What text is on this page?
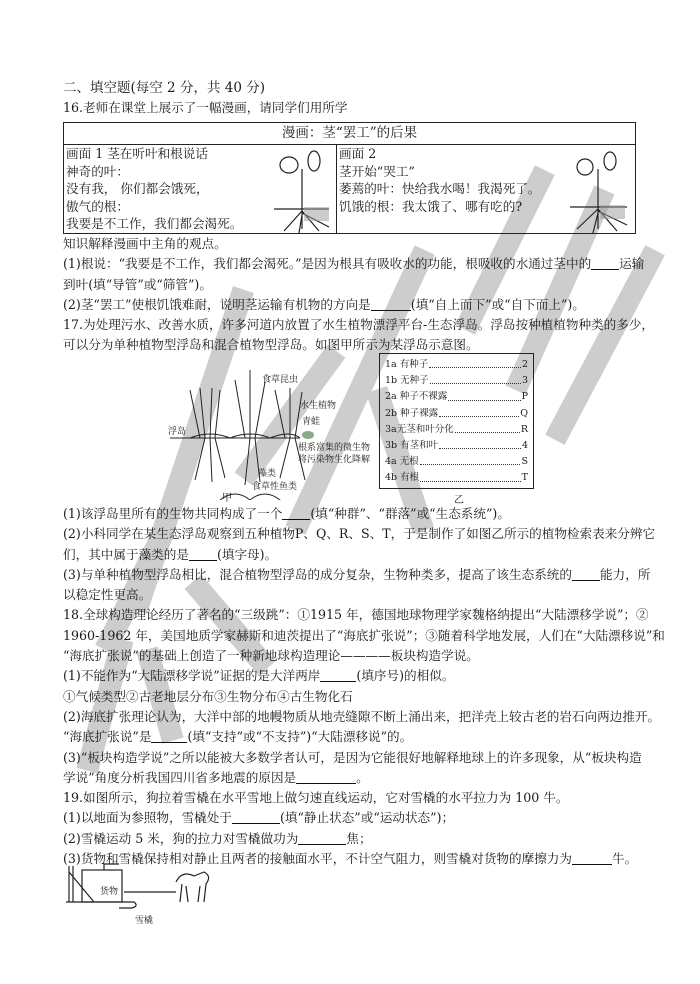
二、填空题(每空 2 分，共 40 分)
16.老师在课堂上展示了一幅漫画，请同学们用所学
漫画：茎“罢工”的后果

画面 1 茎在听叶和根说话
神奇的叶：
没有我， 你们都会饿死，
傲气的根：
我要是不工作，我们都会渴死。

画面 2
茎开始“哭工”
萎蔫的叶：快给我水喝！我渴死了。
饥饿的根：我太饿了、哪有吃的?
知识解释漫画中主角的观点。
(1)根说：“我要是不工作，我们都会渴死。”是因为根具有吸收水的功能，根吸收的水通过茎中的 运输
到叶(填“导管”或“筛管”)。
(2)茎“罢工”使根饥饿难耐，说明茎运输有机物的方向是	(填“自上而下”或“自下而上”)。
17.为处理污水、改善水质，许多河道内放置了水生植物漂浮平台-生态浮岛。浮岛按种植植物种类的多少，
可以分为单种植物型浮岛和混合植物型浮岛。如图甲所示为某浮岛示意图。
浮岛
食草昆虫
水生植物
青蛙
根系富集的微生物
将污染物生化降解
藻类
食草性鱼类
甲
1a 有种子	2
1b 无种子	3
2a 种子不裸露	P
2b 种子裸露	Q
3a无茎和叶分化	R
3b 有茎和叶	4
4a 无根	S
4b 有根	T
乙
(1)该浮岛里所有的生物共同构成了一个 (填“种群”、“群落”或“生态系统”)。
(2)小科同学在某生态浮岛观察到五种植物P、Q、R、S、T，于是制作了如图乙所示的植物检索表来分辨它
们，其中属于藻类的是 (填字母)。
(3)与单种植物型浮岛相比，混合植物型浮岛的成分复杂，生物种类多，提高了该生态系统的 能力，所
以稳定性更高。
18.全球构造理论经历了著名的“三级跳”：①1915 年，德国地球物理学家魏格纳提出“大陆漂移学说”；②
1960-1962 年，美国地质学家赫斯和迪茨提出了“海底扩张说”；③随着科学地发展，人们在“大陆漂移说”和
“海底扩张说”的基础上创造了一种新地球构造理论————板块构造学说。
(1)不能作为“大陆漂移学说”证据的是大洋两岸	(填序号)的相似。
①气候类型②古老地层分布③生物分布④古生物化石
(2)海底扩张理论认为，大洋中部的地幔物质从地壳缝隙不断上涌出来，把洋壳上较古老的岩石向两边推开。
“海底扩张说”是	(填“支持”或“不支持”)“大陆漂移说”的。
(3)“板块构造学说”之所以能被大多数学者认可，是因为它能很好地解释地球上的许多现象，从“板块构造
学说”角度分析我国四川省多地震的原因是	。
19.如图所示，狗拉着雪橇在水平雪地上做匀速直线运动，它对雪橇的水平拉力为 100 牛。
(1)以地面为参照物，雪橇处于	(填“静止状态”或“运动状态”)；
(2)雪橇运动 5 米，狗的拉力对雪橇做功为	焦；
(3)货物和雪橇保持相对静止且两者的接触面水平，不计空气阻力，则雪橇对货物的摩擦力为	牛。
货物
雪橇
